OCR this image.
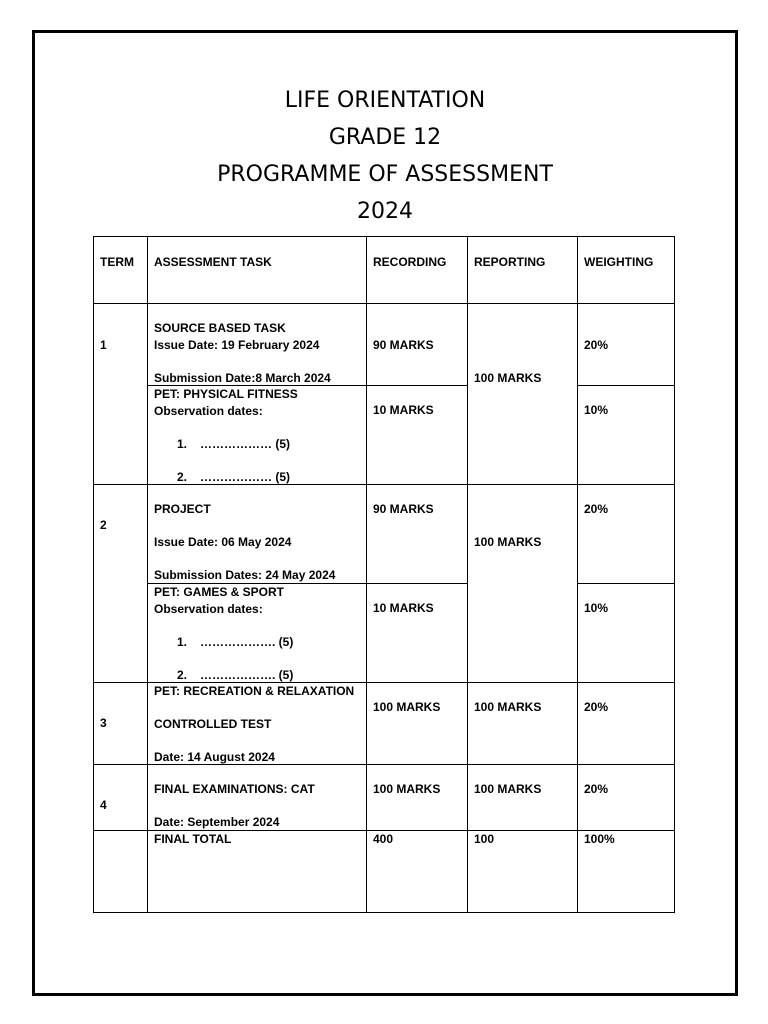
LIFE ORIENTATION
GRADE 12
PROGRAMME OF ASSESSMENT
2024
TERM	ASSESSMENT TASK	RECORDING	REPORTING	WEIGHTING

1	SOURCE BASED TASK
Issue Date: 19 February 2024
Submission Date:8 March 2024	90 MARKS	100 MARKS	20%

	PET: PHYSICAL FITNESS
Observation dates:
1. ……………… (5)
2. ……………… (5)	10 MARKS		10%

2	PROJECT
Issue Date: 06 May 2024
Submission Dates: 24 May 2024	90 MARKS	100 MARKS	20%

	PET: GAMES & SPORT
Observation dates:
1. ………………. (5)
2. ………………. (5)	10 MARKS		10%

3	PET: RECREATION & RELAXATION
CONTROLLED TEST
Date: 14 August 2024	100 MARKS	100 MARKS	20%

4	FINAL EXAMINATIONS: CAT
Date: September 2024	100 MARKS	100 MARKS	20%

	FINAL TOTAL	400	100	100%
